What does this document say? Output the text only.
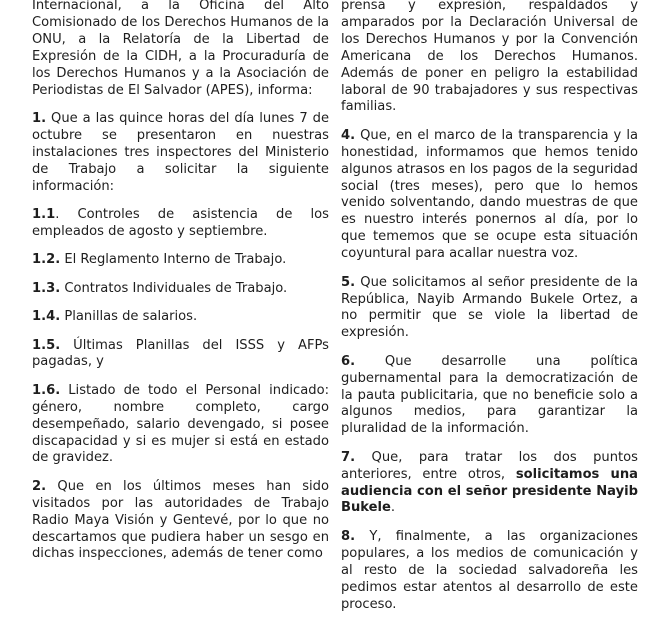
Internacional, a la Oficina del Alto Comisionado de los Derechos Humanos de la ONU, a la Relatoría de la Libertad de Expresión de la CIDH, a la Procuraduría de los Derechos Humanos y a la Asociación de Periodistas de El Salvador (APES), informa:

1. Que a las quince horas del día lunes 7 de octubre se presentaron en nuestras instalaciones tres inspectores del Ministerio de Trabajo a solicitar la siguiente información:

1.1. Controles de asistencia de los empleados de agosto y septiembre.

1.2. El Reglamento Interno de Trabajo.

1.3. Contratos Individuales de Trabajo.

1.4. Planillas de salarios.

1.5. Últimas Planillas del ISSS y AFPs pagadas, y

1.6. Listado de todo el Personal indicado: género, nombre completo, cargo desempeñado, salario devengado, si posee discapacidad y si es mujer si está en estado de gravidez.

2. Que en los últimos meses han sido visitados por las autoridades de Trabajo Radio Maya Visión y Gentevé, por lo que no descartamos que pudiera haber un sesgo en dichas inspecciones, además de tener como

prensa y expresión, respaldados y amparados por la Declaración Universal de los Derechos Humanos y por la Convención Americana de los Derechos Humanos. Además de poner en peligro la estabilidad laboral de 90 trabajadores y sus respectivas familias.

4. Que, en el marco de la transparencia y la honestidad, informamos que hemos tenido algunos atrasos en los pagos de la seguridad social (tres meses), pero que lo hemos venido solventando, dando muestras de que es nuestro interés ponernos al día, por lo que tememos que se ocupe esta situación coyuntural para acallar nuestra voz.

5. Que solicitamos al señor presidente de la República, Nayib Armando Bukele Ortez, a no permitir que se viole la libertad de expresión.

6. Que desarrolle una política gubernamental para la democratización de la pauta publicitaria, que no beneficie solo a algunos medios, para garantizar la pluralidad de la información.

7. Que, para tratar los dos puntos anteriores, entre otros, solicitamos una audiencia con el señor presidente Nayib Bukele.

8. Y, finalmente, a las organizaciones populares, a los medios de comunicación y al resto de la sociedad salvadoreña les pedimos estar atentos al desarrollo de este proceso.
